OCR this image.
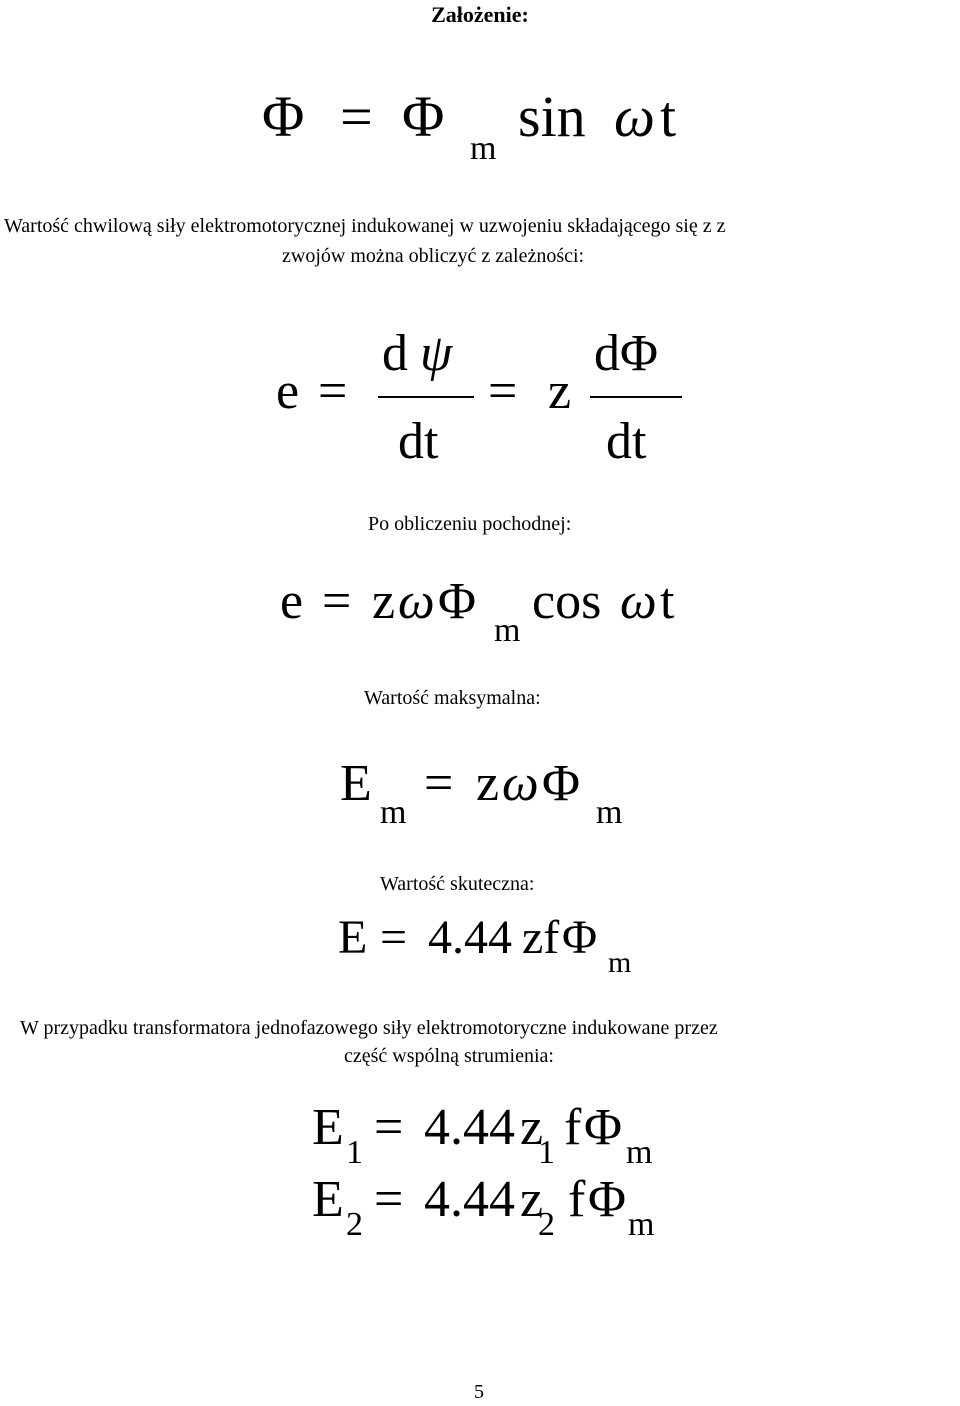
Założenie:
Φ = Φ m sin ω t
Wartość chwilową siły elektromotorycznej indukowanej w uzwojeniu składającego się z z
zwojów można obliczyć z zależności:
e =
d ψ
dt
= z
dΦ
dt
Po obliczeniu pochodnej:
e = z ω Φ
m
cos ω t
Wartość maksymalna:
E
m
= z ω Φ
m
Wartość skuteczna:
E = 4.44 zf Φ m
W przypadku transformatora jednofazowego siły elektromotoryczne indukowane przez
część wspólną strumienia:
E 1 = 4.44 z
1 f Φ m
E 2 = 4.44 z
2 f Φ m
5
